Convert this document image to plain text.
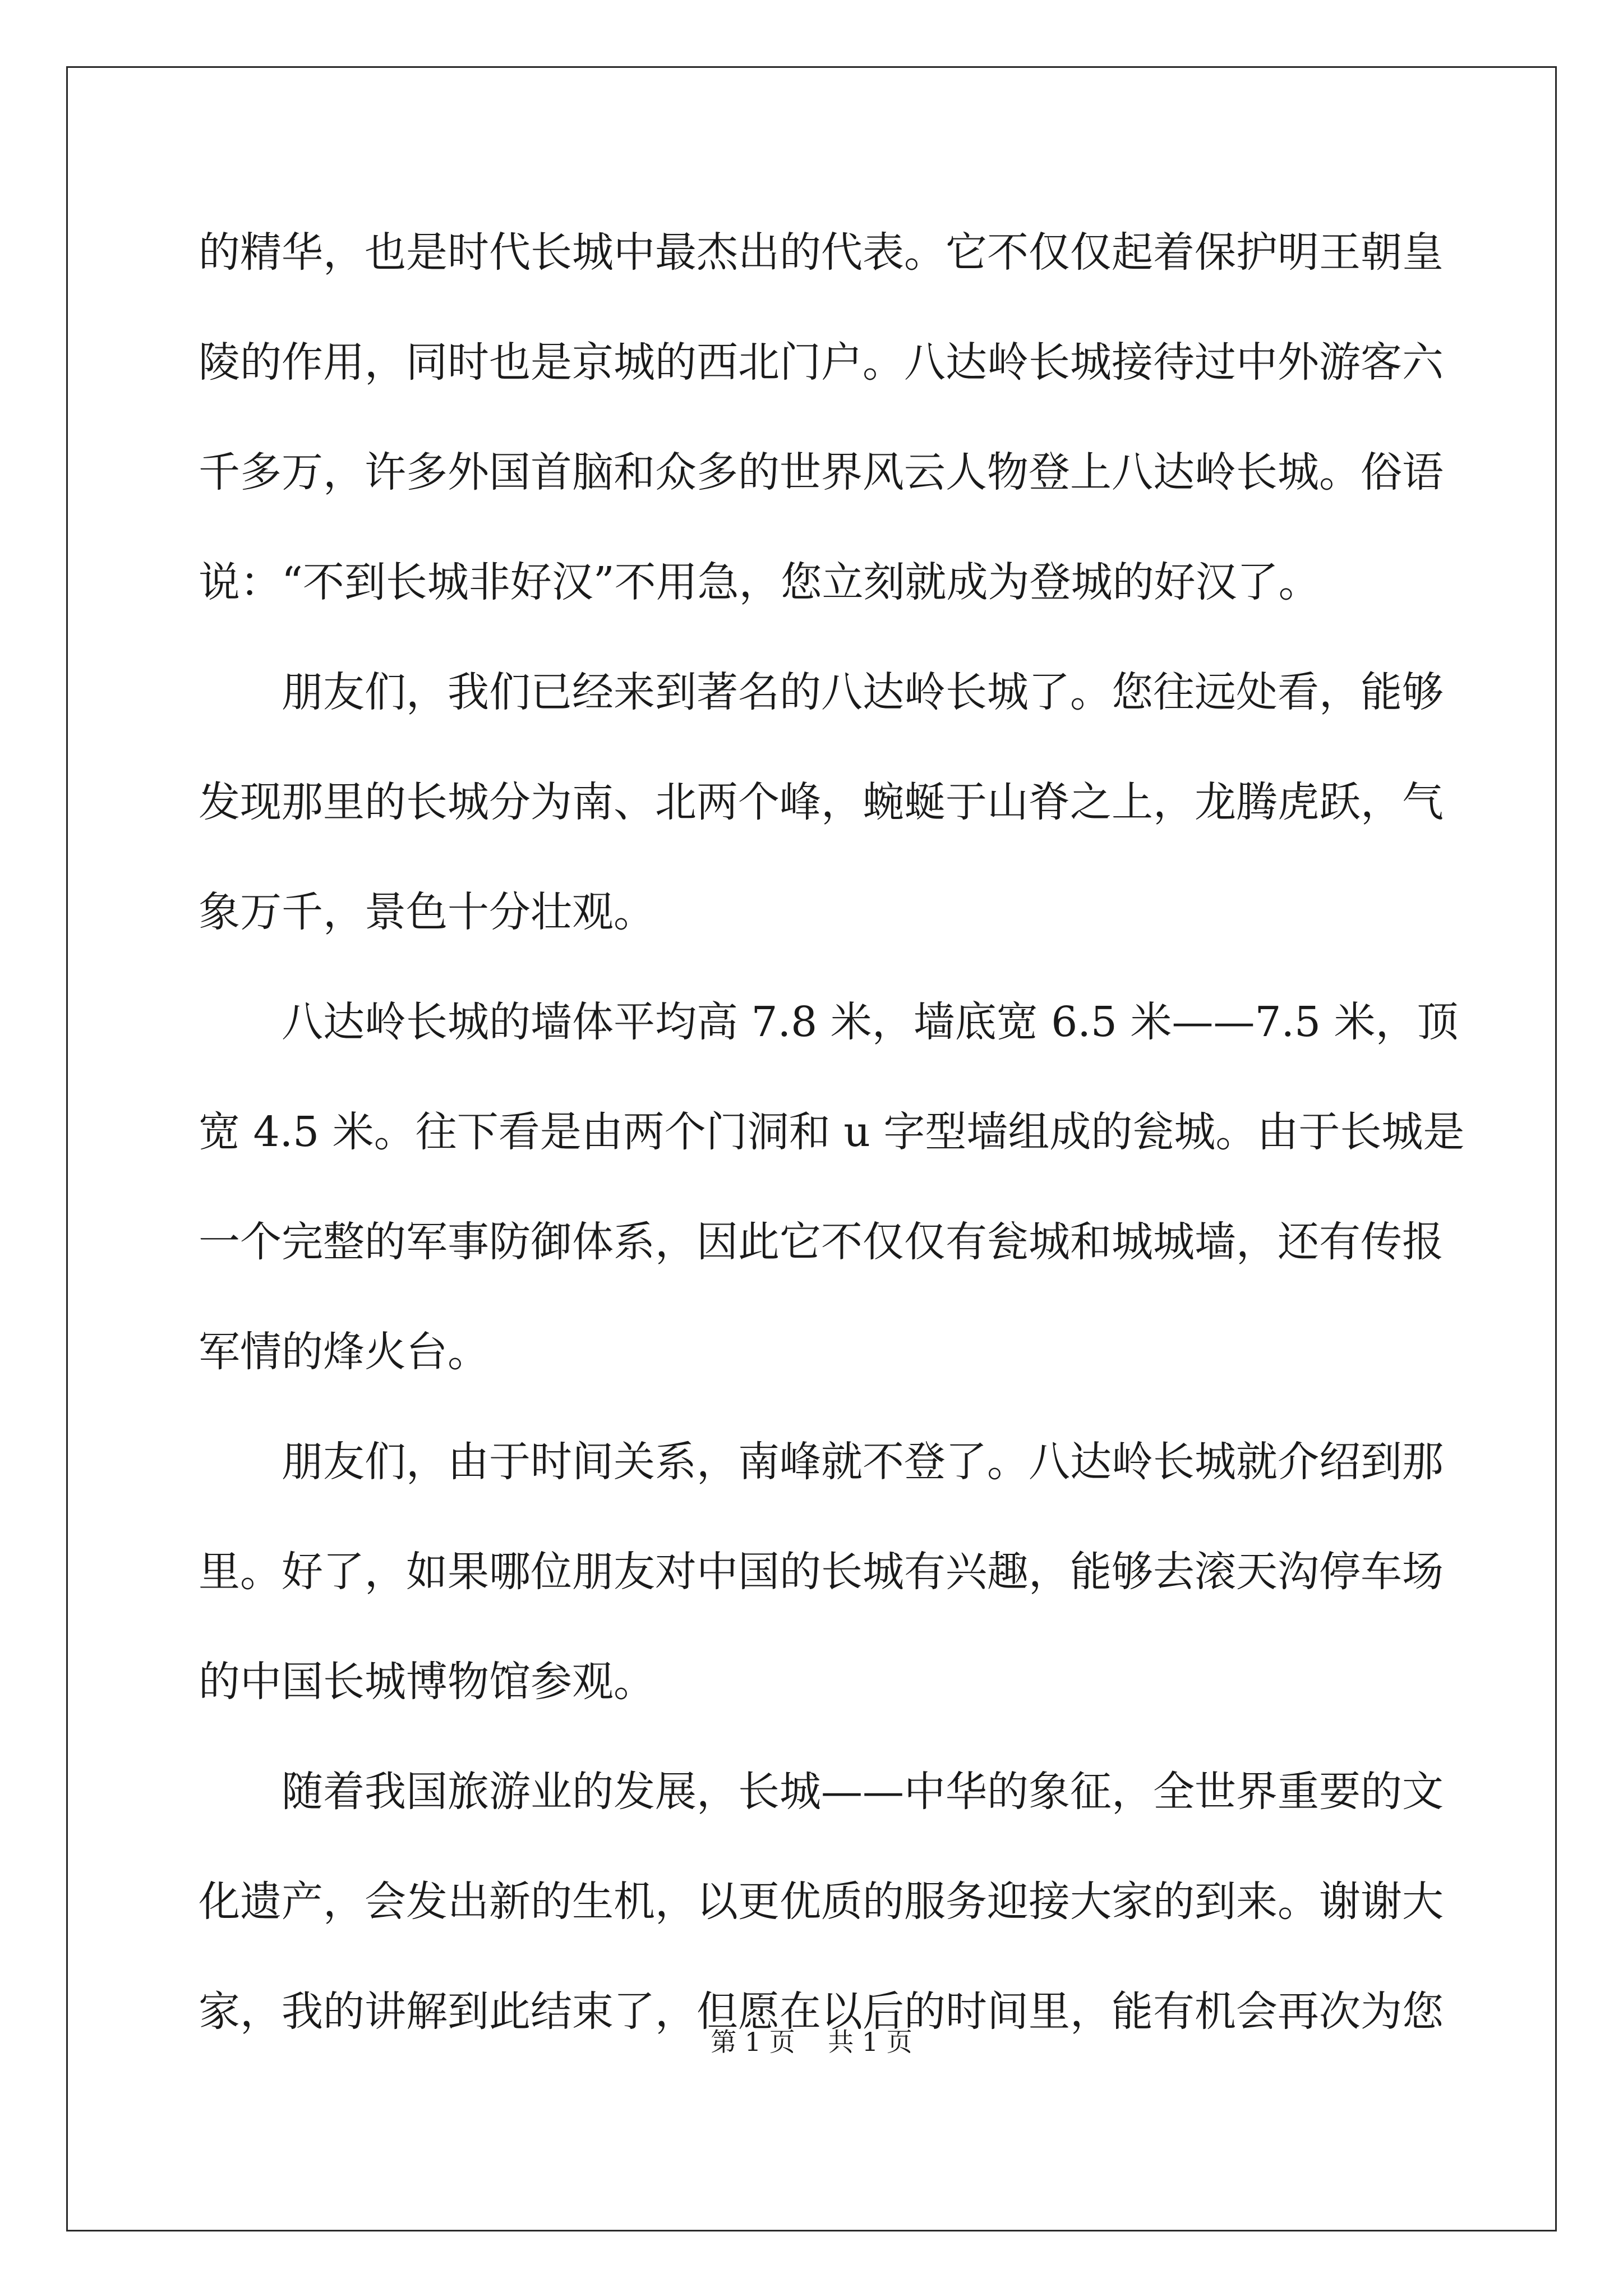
的精华，也是时代长城中最杰出的代表。它不仅仅起着保护明王朝皇
陵的作用，同时也是京城的西北门户。八达岭长城接待过中外游客六
千多万，许多外国首脑和众多的世界风云人物登上八达岭长城。俗语
说：“不到长城非好汉”不用急，您立刻就成为登城的好汉了。
朋友们，我们已经来到著名的八达岭长城了。您往远处看，能够
发现那里的长城分为南、北两个峰，蜿蜒于山脊之上，龙腾虎跃，气
象万千，景色十分壮观。
八达岭长城的墙体平均高 7.8 米，墙底宽 6.5 米——7.5 米，顶
宽 4.5 米。往下看是由两个门洞和 u 字型墙组成的瓮城。由于长城是
一个完整的军事防御体系，因此它不仅仅有瓮城和城城墙，还有传报
军情的烽火台。
朋友们，由于时间关系，南峰就不登了。八达岭长城就介绍到那
里。好了，如果哪位朋友对中国的长城有兴趣，能够去滚天沟停车场
的中国长城博物馆参观。
随着我国旅游业的发展，长城——中华的象征，全世界重要的文
化遗产，会发出新的生机，以更优质的服务迎接大家的到来。谢谢大
家，我的讲解到此结束了，但愿在以后的时间里，能有机会再次为您
第 1 页 共 1 页
